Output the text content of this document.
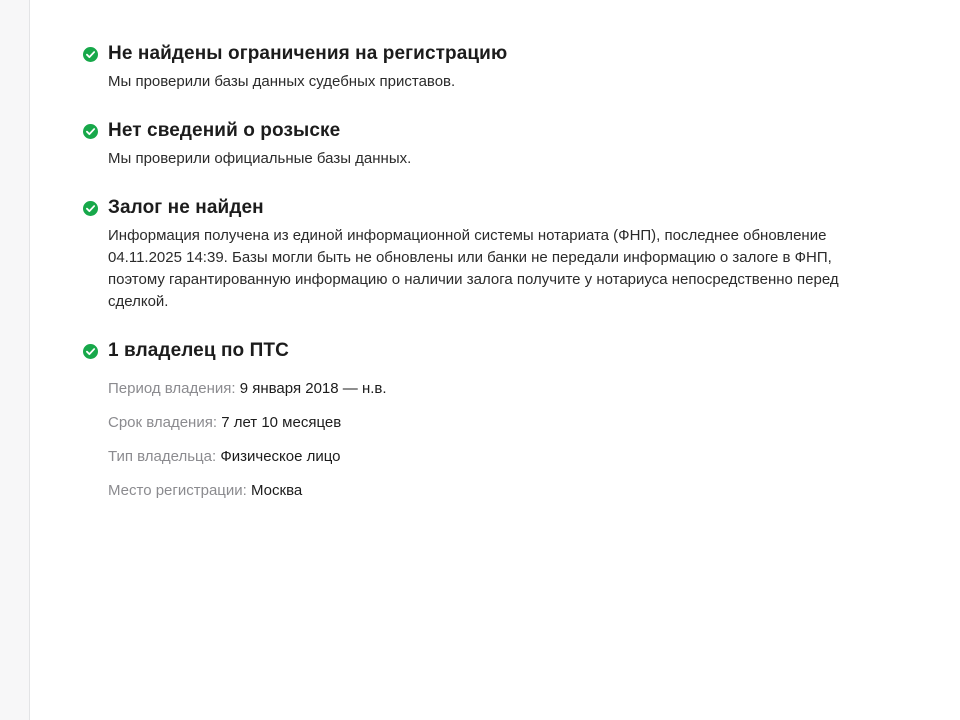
Не найдены ограничения на регистрацию
Мы проверили базы данных судебных приставов.
Нет сведений о розыске
Мы проверили официальные базы данных.
Залог не найден
Информация получена из единой информационной системы нотариата (ФНП), последнее обновление 04.11.2025 14:39. Базы могли быть не обновлены или банки не передали информацию о залоге в ФНП, поэтому гарантированную информацию о наличии залога получите у нотариуса непосредственно перед сделкой.
1 владелец по ПТС
Период владения: 9 января 2018 — н.в.
Срок владения: 7 лет 10 месяцев
Тип владельца: Физическое лицо
Место регистрации: Москва
